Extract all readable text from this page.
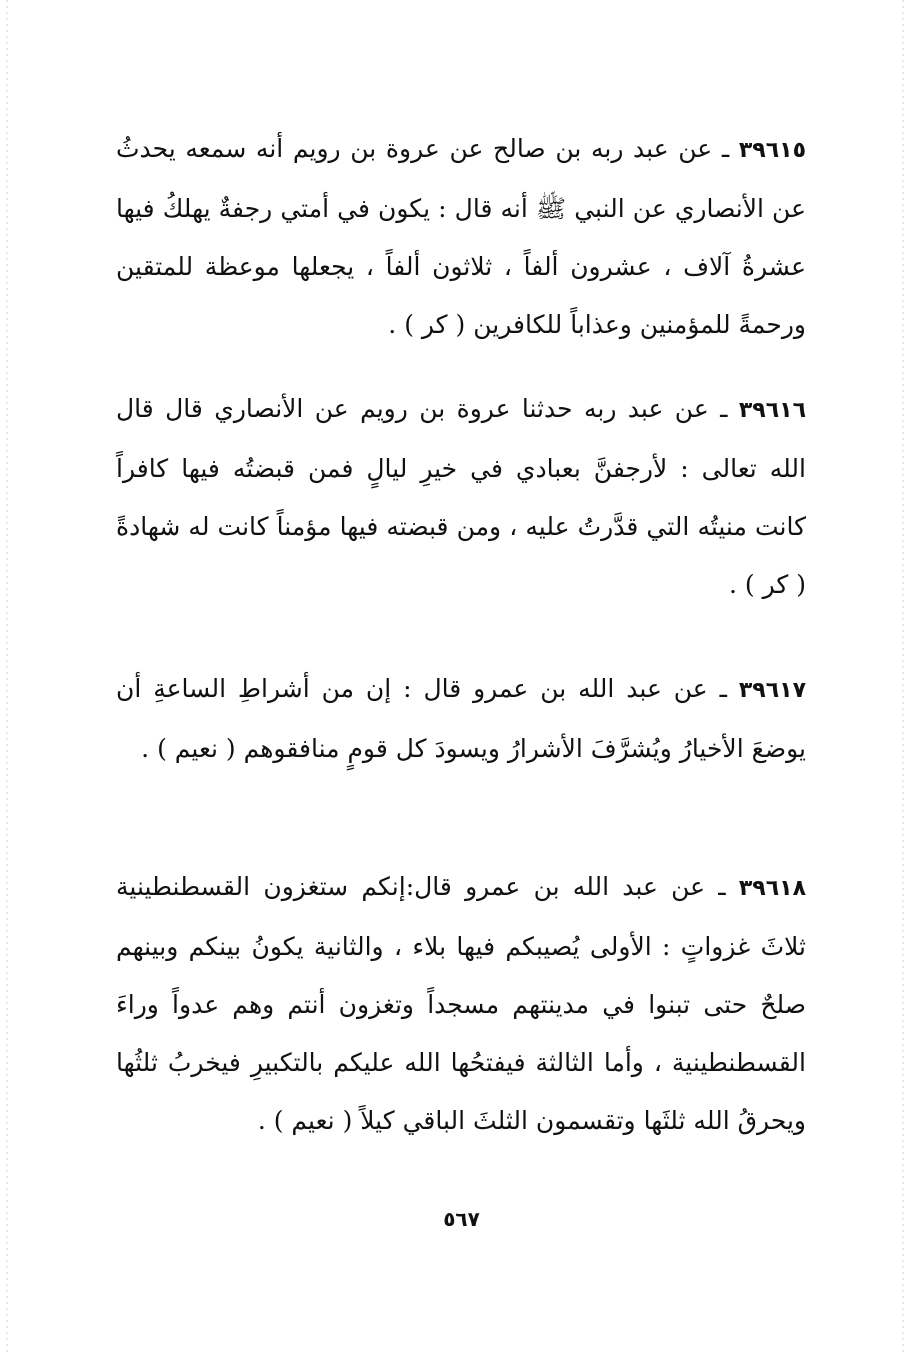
٣٩٦١٥ ـ عن عبد ربه بن صالح عن عروة بن رويم أنه سمعه يحدثُ عن الأنصاري عن النبي ﷺ أنه قال : يكون في أمتي رجفةٌ يهلكُ فيها عشرةُ آلاف ، عشرون ألفاً ، ثلاثون ألفاً ، يجعلها موعظة للمتقين ورحمةً للمؤمنين وعذاباً للكافرين ( كر ) .

٣٩٦١٦ ـ عن عبد ربه حدثنا عروة بن رويم عن الأنصاري قال قال الله تعالى : لأرجفنَّ بعبادي في خيرِ ليالٍ فمن قبضتُه فيها كافراً كانت منيتُه التي قدَّرتُ عليه ، ومن قبضته فيها مؤمناً كانت له شهادةً ( كر ) .

٣٩٦١٧ ـ عن عبد الله بن عمرو قال : إن من أشراطِ الساعةِ أن يوضعَ الأخيارُ ويُشرَّفَ الأشرارُ ويسودَ كل قومٍ منافقوهم ( نعيم ) .

٣٩٦١٨ ـ عن عبد الله بن عمرو قال:إنكم ستغزون القسطنطينية ثلاثَ غزواتٍ : الأولى يُصيبكم فيها بلاء ، والثانية يكونُ بينكم وبينهم صلحٌ حتى تبنوا في مدينتهم مسجداً وتغزون أنتم وهم عدواً وراءَ القسطنطينية ، وأما الثالثة فيفتحُها الله عليكم بالتكبيرِ فيخربُ ثلثُها ويحرقُ الله ثلثَها وتقسمون الثلثَ الباقي كيلاً ( نعيم ) .

٥٦٧
